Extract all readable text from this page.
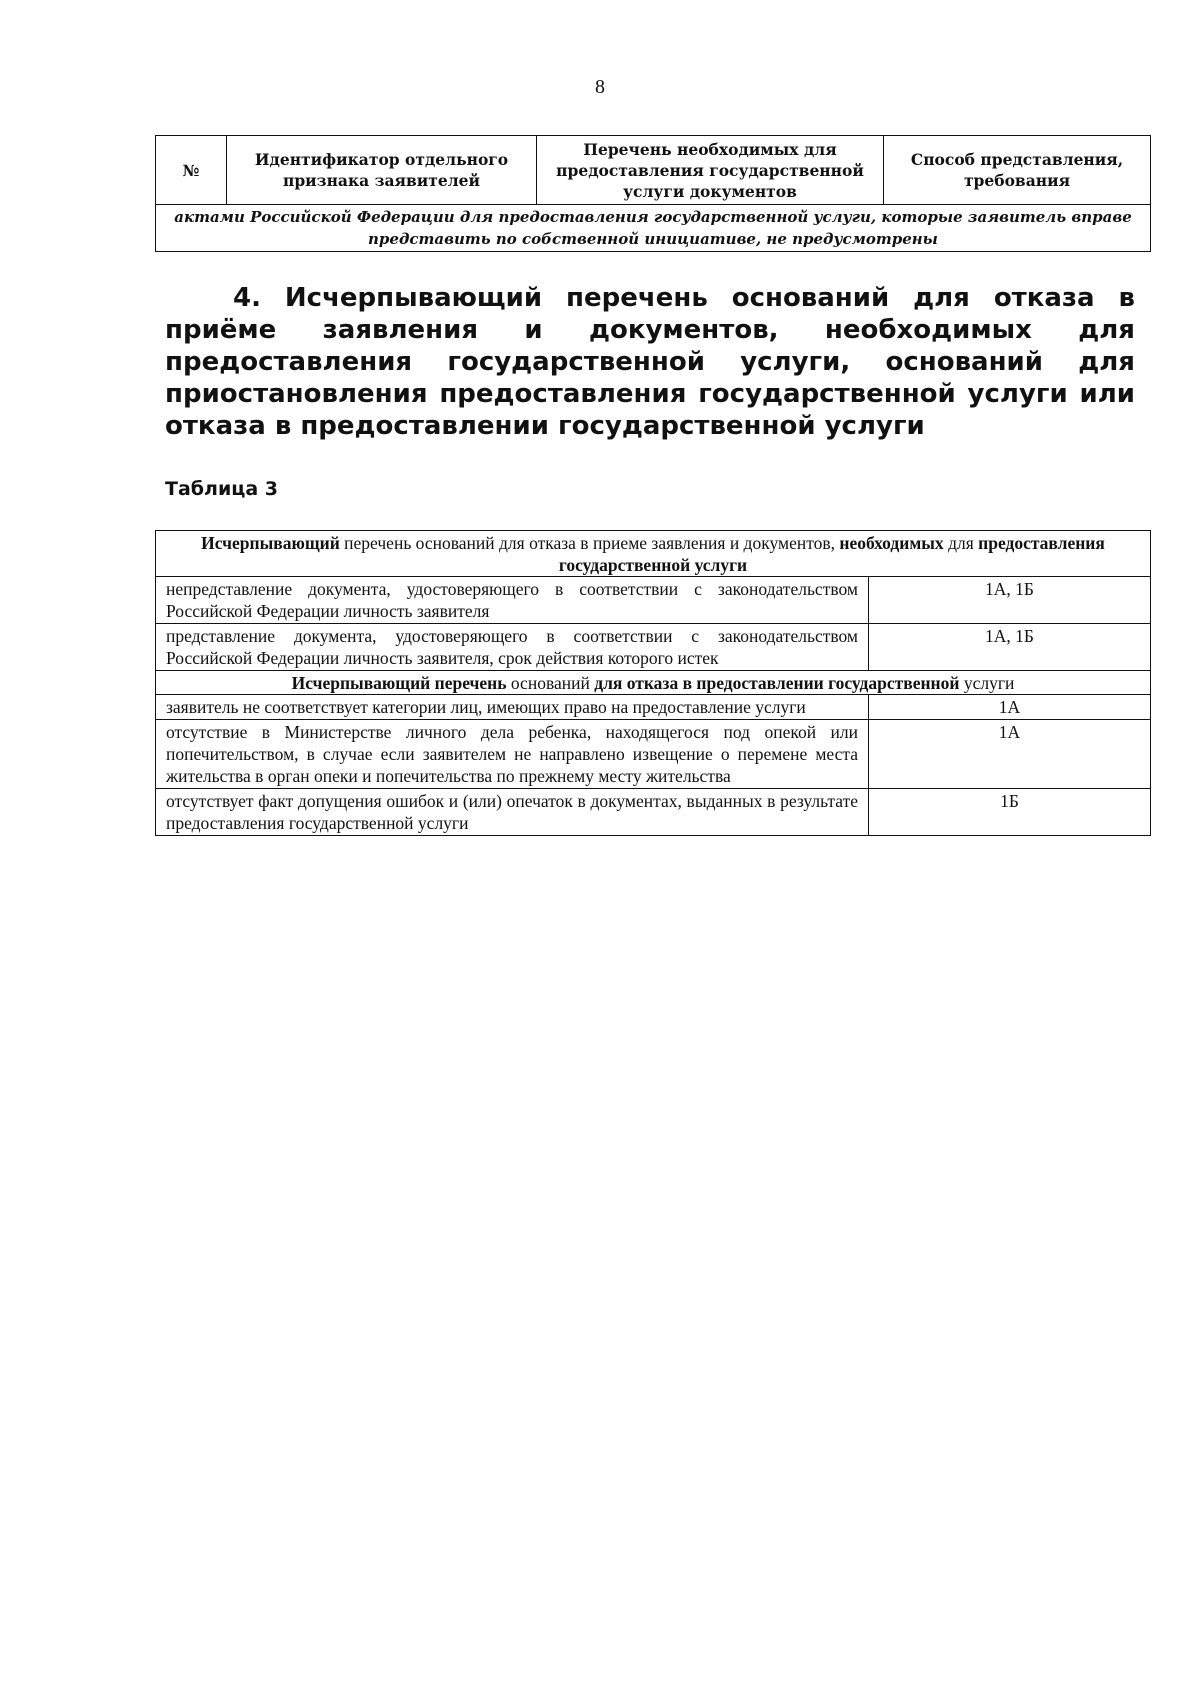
8
№	Идентификатор отдельного признака заявителей	Перечень необходимых для предоставления государственной услуги документов	Способ представления, требования
актами Российской Федерации для предоставления государственной услуги, которые заявитель вправе представить по собственной инициативе, не предусмотрены
4. Исчерпывающий перечень оснований для отказа в приёме заявления и документов, необходимых для предоставления государственной услуги, оснований для приостановления предоставления государственной услуги или отказа в предоставлении государственной услуги
Таблица 3
Исчерпывающий перечень оснований для отказа в приеме заявления и документов, необходимых для предоставления государственной услуги	
непредставление документа, удостоверяющего в соответствии с законодательством Российской Федерации личность заявителя	1А, 1Б
представление документа, удостоверяющего в соответствии с законодательством Российской Федерации личность заявителя, срок действия которого истек	1А, 1Б
Исчерпывающий перечень оснований для отказа в предоставлении государственной услуги	
заявитель не соответствует категории лиц, имеющих право на предоставление услуги	1А
отсутствие в Министерстве личного дела ребенка, находящегося под опекой или попечительством, в случае если заявителем не направлено извещение о перемене места жительства в орган опеки и попечительства по прежнему месту жительства	1А
отсутствует факт допущения ошибок и (или) опечаток в документах, выданных в результате предоставления государственной услуги	1Б
